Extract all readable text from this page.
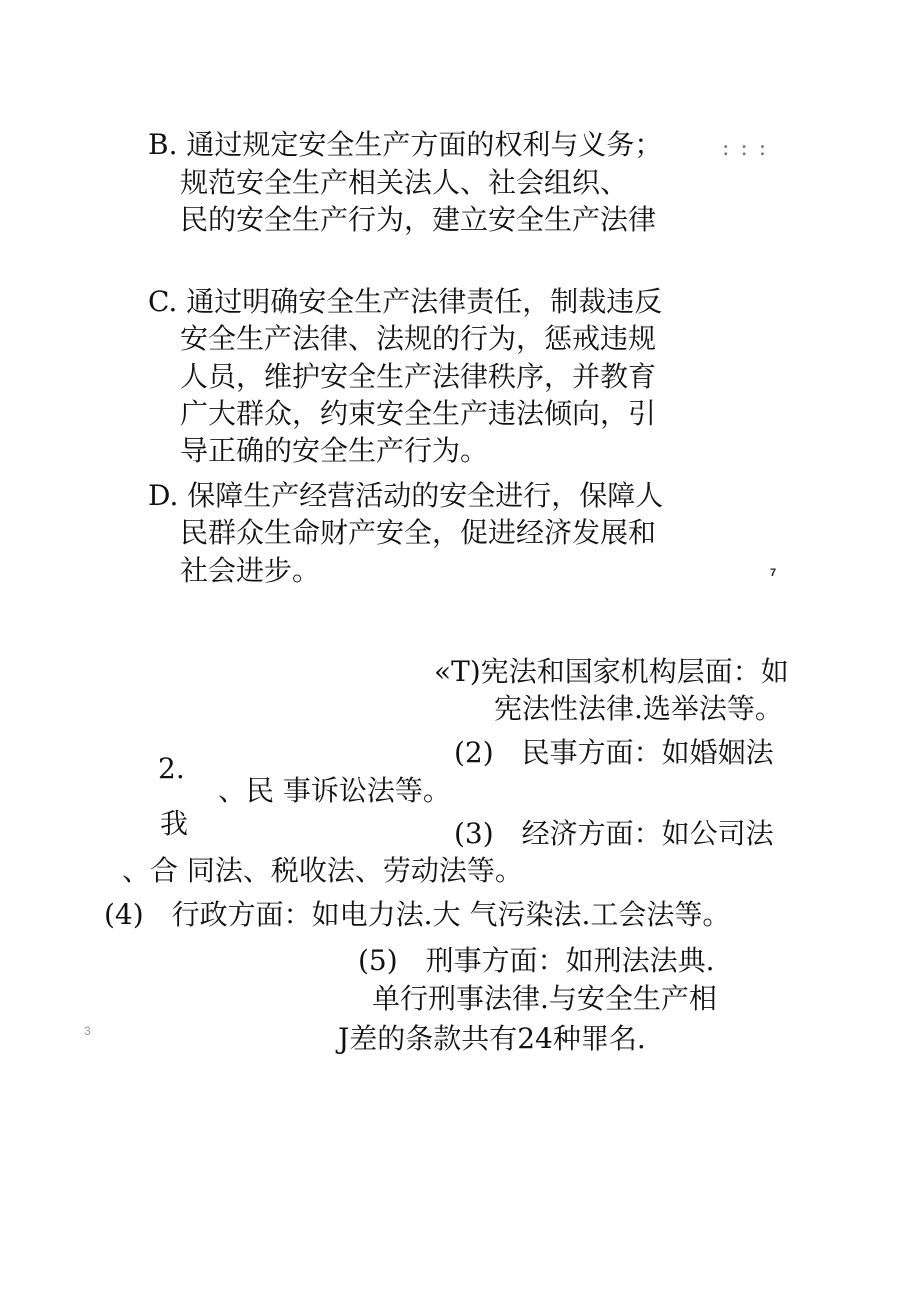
B. 通过规定安全生产方面的权利与义务；	: : :

规范安全生产相关法人、社会组织、

民的安全生产行为，建立安全生产法律

C. 通过明确安全生产法律责任，制裁违反

安全生产法律、法规的行为，惩戒违规

人员，维护安全生产法律秩序，并教育

广大群众，约束安全生产违法倾向，引

导正确的安全生产行为。

D. 保障生产经营活动的安全进行，保障人

民群众生命财产安全，促进经济发展和

社会进步。	7

«T)宪法和国家机构层面：如

宪法性法律.选举法等。

(2)　民事方面：如婚姻法

2.

、民 事诉讼法等。

我	(3)　经济方面：如公司法

、合 同法、税收法、劳动法等。

(4)　行政方面：如电力法.大 气污染法.工会法等。

(5)　刑事方面：如刑法法典.

单行刑事法律.与安全生产相

J差的条款共有24种罪名.

3
